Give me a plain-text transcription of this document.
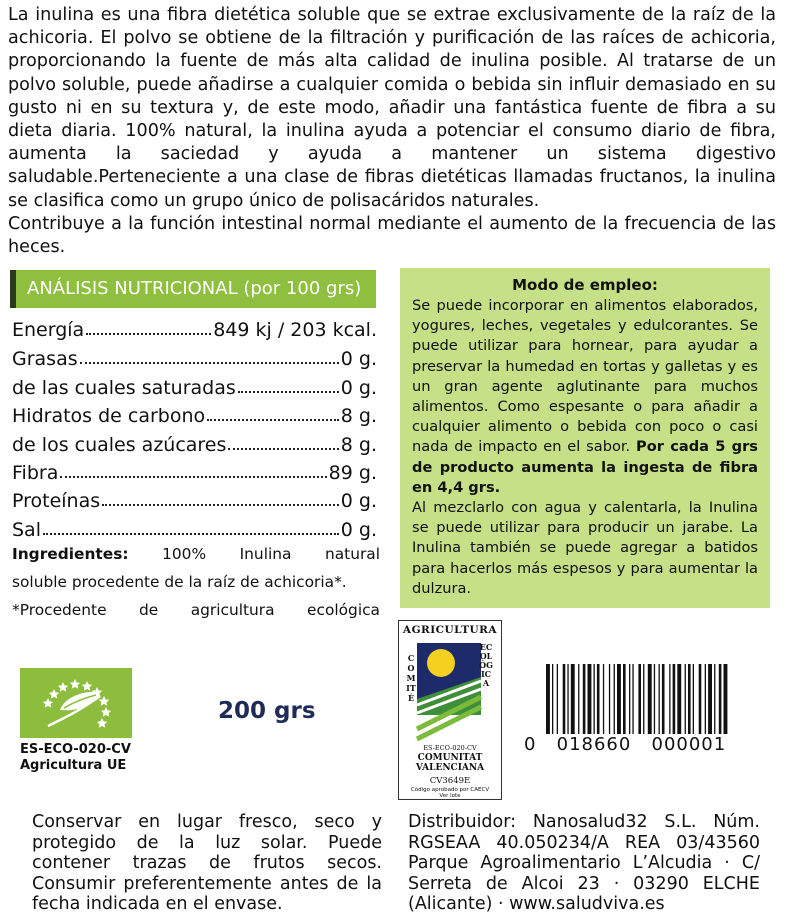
La inulina es una fibra dietética soluble que se extrae exclusivamente de la raíz de la achicoria. El polvo se obtiene de la filtración y purificación de las raíces de achicoria, proporcionando la fuente de más alta calidad de inulina posible. Al tratarse de un polvo soluble, puede añadirse a cualquier comida o bebida sin influir demasiado en su gusto ni en su textura y, de este modo, añadir una fantástica fuente de fibra a su dieta diaria. 100% natural, la inulina ayuda a potenciar el consumo diario de fibra, aumenta la saciedad y ayuda a mantener un sistema digestivo saludable.Perteneciente a una clase de fibras dietéticas llamadas fructanos, la inulina se clasifica como un grupo único de polisacáridos naturales.

Contribuye a la función intestinal normal mediante el aumento de la frecuencia de las heces.

ANÁLISIS NUTRICIONAL (por 100 grs)
Energía	849 kj / 203 kcal.
Grasas	0 g.
de las cuales saturadas	0 g.
Hidratos de carbono	8 g.
de los cuales azúcares	8 g.
Fibra	89 g.
Proteínas	0 g.
Sal	0 g.

Ingredientes: 100% Inulina natural

soluble procedente de la raíz de achicoria*.

*Procedente de agricultura ecológica
Modo de empleo:

Se puede incorporar en alimentos elaborados, yogures, leches, vegetales y edulcorantes. Se puede utilizar para hornear, para ayudar a preservar la humedad en tortas y galletas y es un gran agente aglutinante para muchos alimentos. Como espesante o para añadir a cualquier alimento o bebida con poco o casi nada de impacto en el sabor. Por cada 5 grs de producto aumenta la ingesta de fibra en 4,4 grs.

Al mezclarlo con agua y calentarla, la Inulina se puede utilizar para producir un jarabe. La Inulina también se puede agregar a batidos para hacerlos más espesos y para aumentar la dulzura.

ES-ECO-020-CV
Agricultura UE
200 grs
AGRICULTURA
COMITÉ
ECOLÓGICA
ES-ECO-020-CV
COMUNITAT
VALENCIANA
CV3649E
Código aprobado por CAECV
Ver lote
0   018660   000001
Conservar en lugar fresco, seco y protegido de la luz solar. Puede contener trazas de frutos secos. Consumir preferentemente antes de la fecha indicada en el envase.

Distribuidor: Nanosalud32 S.L. Núm. RGSEAA 40.050234/A REA 03/43560 Parque Agroalimentario L’Alcudia · C/ Serreta de Alcoi 23 · 03290 ELCHE (Alicante) · www.saludviva.es
